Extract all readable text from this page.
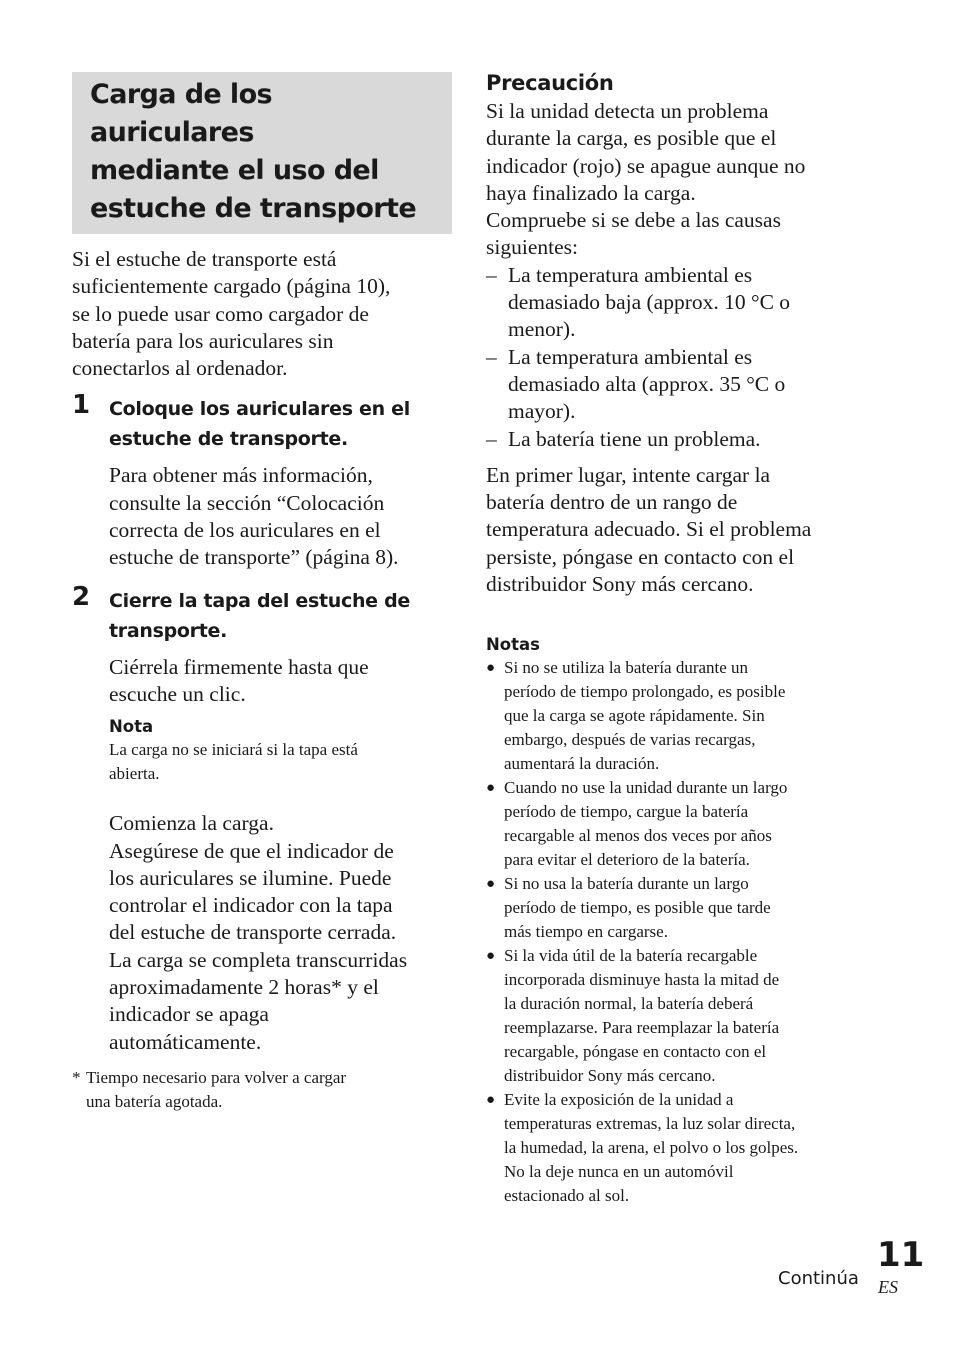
Carga de los auriculares
mediante el uso del
estuche de transporte
Si el estuche de transporte está
suficientemente cargado (página 10),
se lo puede usar como cargador de
batería para los auriculares sin
conectarlos al ordenador.
1 Coloque los auriculares en el
estuche de transporte.
Para obtener más información,
consulte la sección “Colocación
correcta de los auriculares en el
estuche de transporte” (página 8).
2 Cierre la tapa del estuche de
transporte.
Ciérrela firmemente hasta que
escuche un clic.
Nota
La carga no se iniciará si la tapa está
abierta.
Comienza la carga.
Asegúrese de que el indicador de
los auriculares se ilumine. Puede
controlar el indicador con la tapa
del estuche de transporte cerrada.
La carga se completa transcurridas
aproximadamente 2 horas* y el
indicador se apaga
automáticamente.
* Tiempo necesario para volver a cargar
una batería agotada.
Precaución
Si la unidad detecta un problema
durante la carga, es posible que el
indicador (rojo) se apague aunque no
haya finalizado la carga.
Compruebe si se debe a las causas
siguientes:
– La temperatura ambiental es
demasiado baja (approx. 10 °C o
menor).
– La temperatura ambiental es
demasiado alta (approx. 35 °C o
mayor).
– La batería tiene un problema.
En primer lugar, intente cargar la
batería dentro de un rango de
temperatura adecuado. Si el problema
persiste, póngase en contacto con el
distribuidor Sony más cercano.
Notas
● Si no se utiliza la batería durante un
período de tiempo prolongado, es posible
que la carga se agote rápidamente. Sin
embargo, después de varias recargas,
aumentará la duración.
● Cuando no use la unidad durante un largo
período de tiempo, cargue la batería
recargable al menos dos veces por años
para evitar el deterioro de la batería.
● Si no usa la batería durante un largo
período de tiempo, es posible que tarde
más tiempo en cargarse.
● Si la vida útil de la batería recargable
incorporada disminuye hasta la mitad de
la duración normal, la batería deberá
reemplazarse. Para reemplazar la batería
recargable, póngase en contacto con el
distribuidor Sony más cercano.
● Evite la exposición de la unidad a
temperaturas extremas, la luz solar directa,
la humedad, la arena, el polvo o los golpes.
No la deje nunca en un automóvil
estacionado al sol.
Continúa
11
ES
